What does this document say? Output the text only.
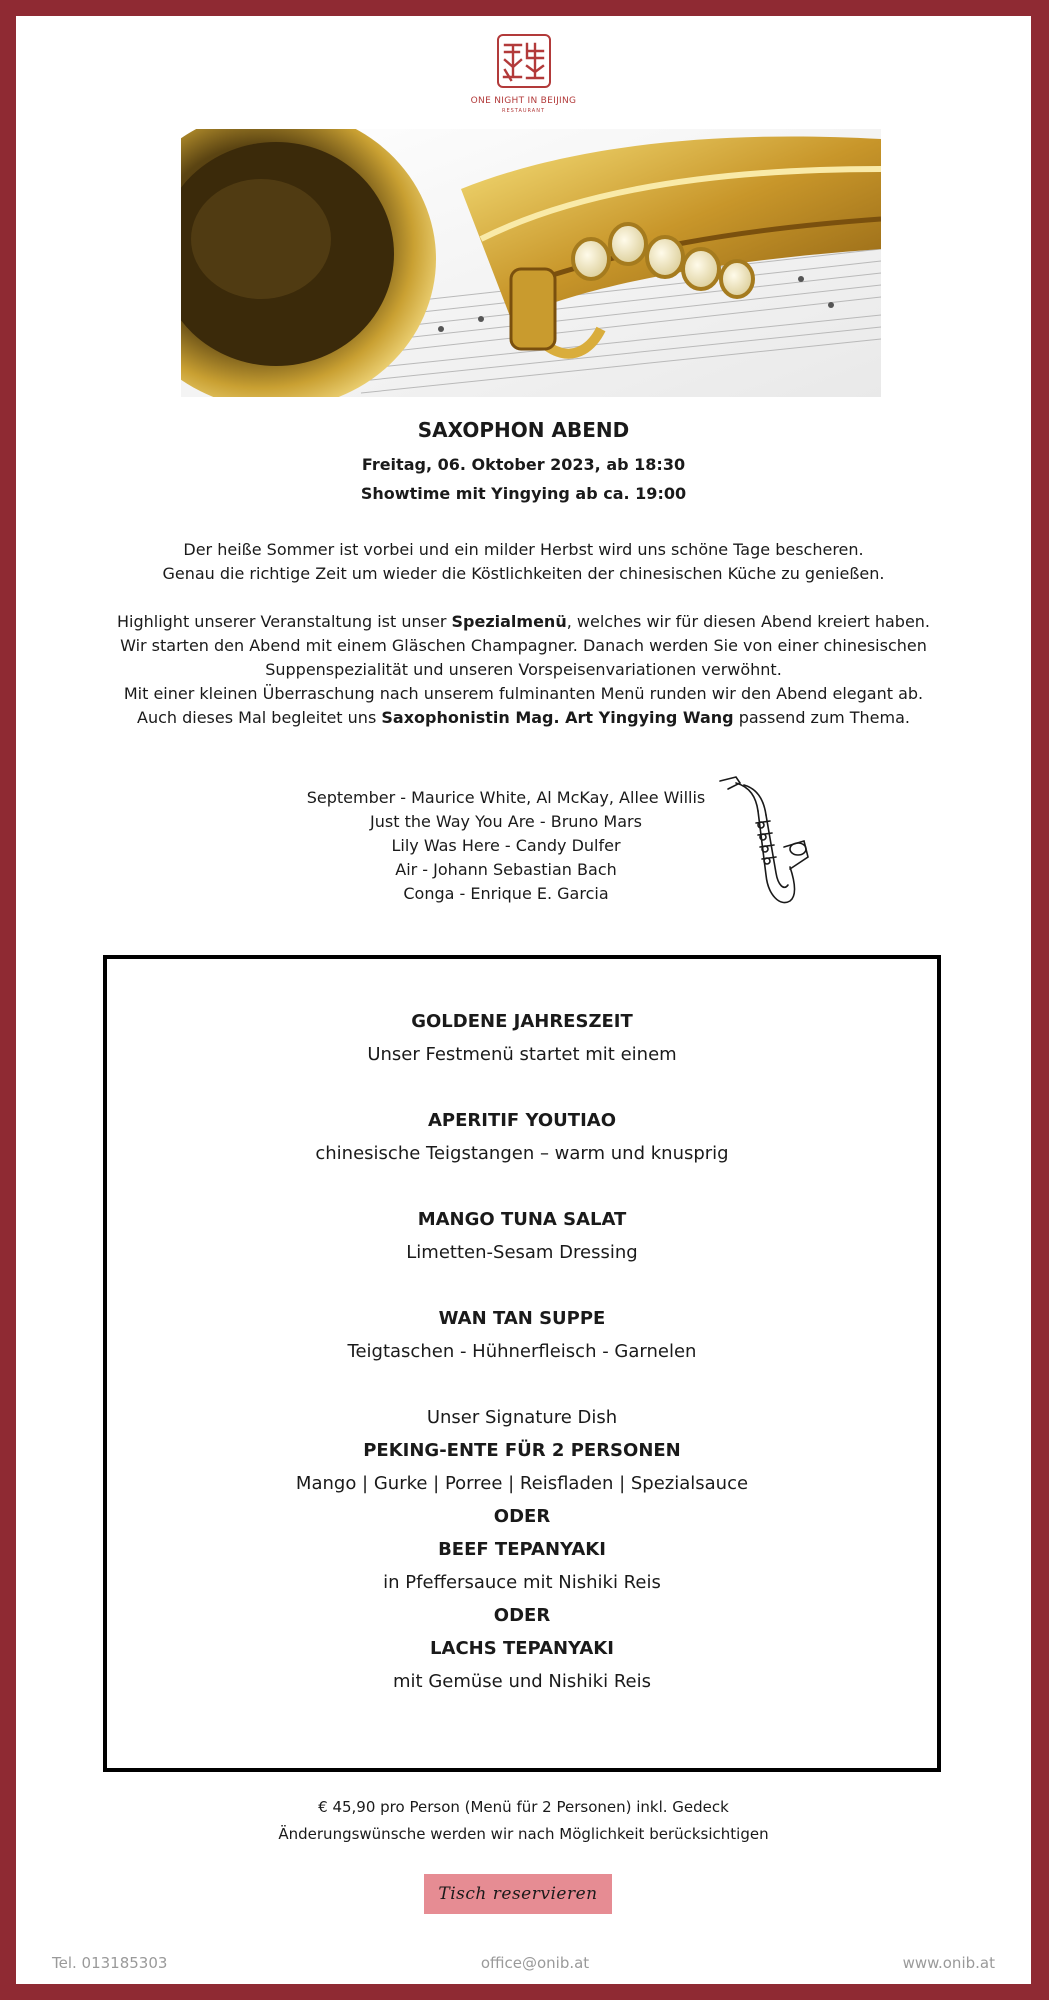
ONE NIGHT IN BEIJING
RESTAURANT
SAXOPHON ABEND
Freitag, 06. Oktober 2023, ab 18:30
Showtime mit Yingying ab ca. 19:00
Der heiße Sommer ist vorbei und ein milder Herbst wird uns schöne Tage bescheren.
Genau die richtige Zeit um wieder die Köstlichkeiten der chinesischen Küche zu genießen.
Highlight unserer Veranstaltung ist unser Spezialmenü, welches wir für diesen Abend kreiert haben.
Wir starten den Abend mit einem Gläschen Champagner. Danach werden Sie von einer chinesischen Suppenspezialität und unseren Vorspeisenvariationen verwöhnt.
Mit einer kleinen Überraschung nach unserem fulminanten Menü runden wir den Abend elegant ab.
Auch dieses Mal begleitet uns Saxophonistin Mag. Art Yingying Wang passend zum Thema.
September - Maurice White, Al McKay, Allee Willis
Just the Way You Are - Bruno Mars
Lily Was Here - Candy Dulfer
Air - Johann Sebastian Bach
Conga - Enrique E. Garcia
GOLDENE JAHRESZEIT
Unser Festmenü startet mit einem
APERITIF YOUTIAO
chinesische Teigstangen – warm und knusprig
MANGO TUNA SALAT
Limetten-Sesam Dressing
WAN TAN SUPPE
Teigtaschen - Hühnerfleisch - Garnelen
Unser Signature Dish
PEKING-ENTE FÜR 2 PERSONEN
Mango | Gurke | Porree | Reisfladen | Spezialsauce
ODER
BEEF TEPANYAKI
in Pfeffersauce mit Nishiki Reis
ODER
LACHS TEPANYAKI
mit Gemüse und Nishiki Reis
€ 45,90 pro Person (Menü für 2 Personen) inkl. Gedeck
Änderungswünsche werden wir nach Möglichkeit berücksichtigen
Tisch reservieren
Tel. 013185303	office@onib.at	www.onib.at
